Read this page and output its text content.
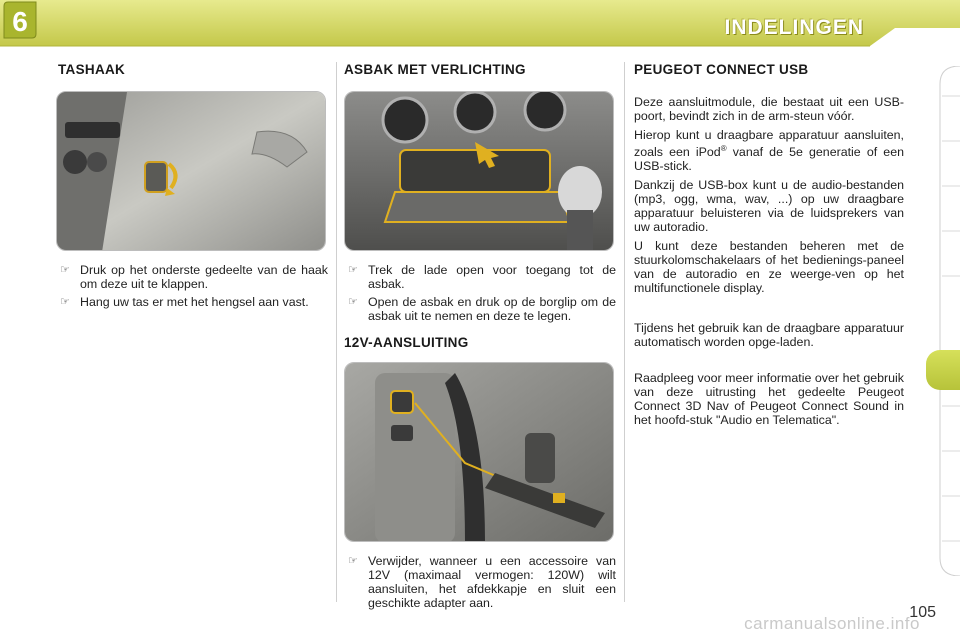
INDELINGEN
6
TASHAAK
☞ Druk op het onderste gedeelte van de haak om deze uit te klappen.
☞ Hang uw tas er met het hengsel aan vast.
ASBAK MET VERLICHTING
☞ Trek de lade open voor toegang tot de asbak.
☞ Open de asbak en druk op de borglip om de asbak uit te nemen en deze te legen.
12V-AANSLUITING
☞ Verwijder, wanneer u een accessoire van 12V (maximaal vermogen: 120W) wilt aansluiten, het afdekkapje en sluit een geschikte adapter aan.
PEUGEOT CONNECT USB

Deze aansluitmodule, die bestaat uit een USB-poort, bevindt zich in de arm-steun vóór.

Hierop kunt u draagbare apparatuur aansluiten, zoals een iPod® vanaf de 5e generatie of een USB-stick.

Dankzij de USB-box kunt u de audio-bestanden (mp3, ogg, wma, wav, ...) op uw draagbare apparatuur beluisteren via de luidsprekers van uw autoradio.

U kunt deze bestanden beheren met de stuurkolomschakelaars of het bedienings-paneel van de autoradio en ze weerge-ven op het multifunctionele display.

Tijdens het gebruik kan de draagbare apparatuur automatisch worden opge-laden.

Raadpleeg voor meer informatie over het gebruik van deze uitrusting het gedeelte Peugeot Connect 3D Nav of Peugeot Connect Sound in het hoofd-stuk "Audio en Telematica".

carmanualsonline.info
105
